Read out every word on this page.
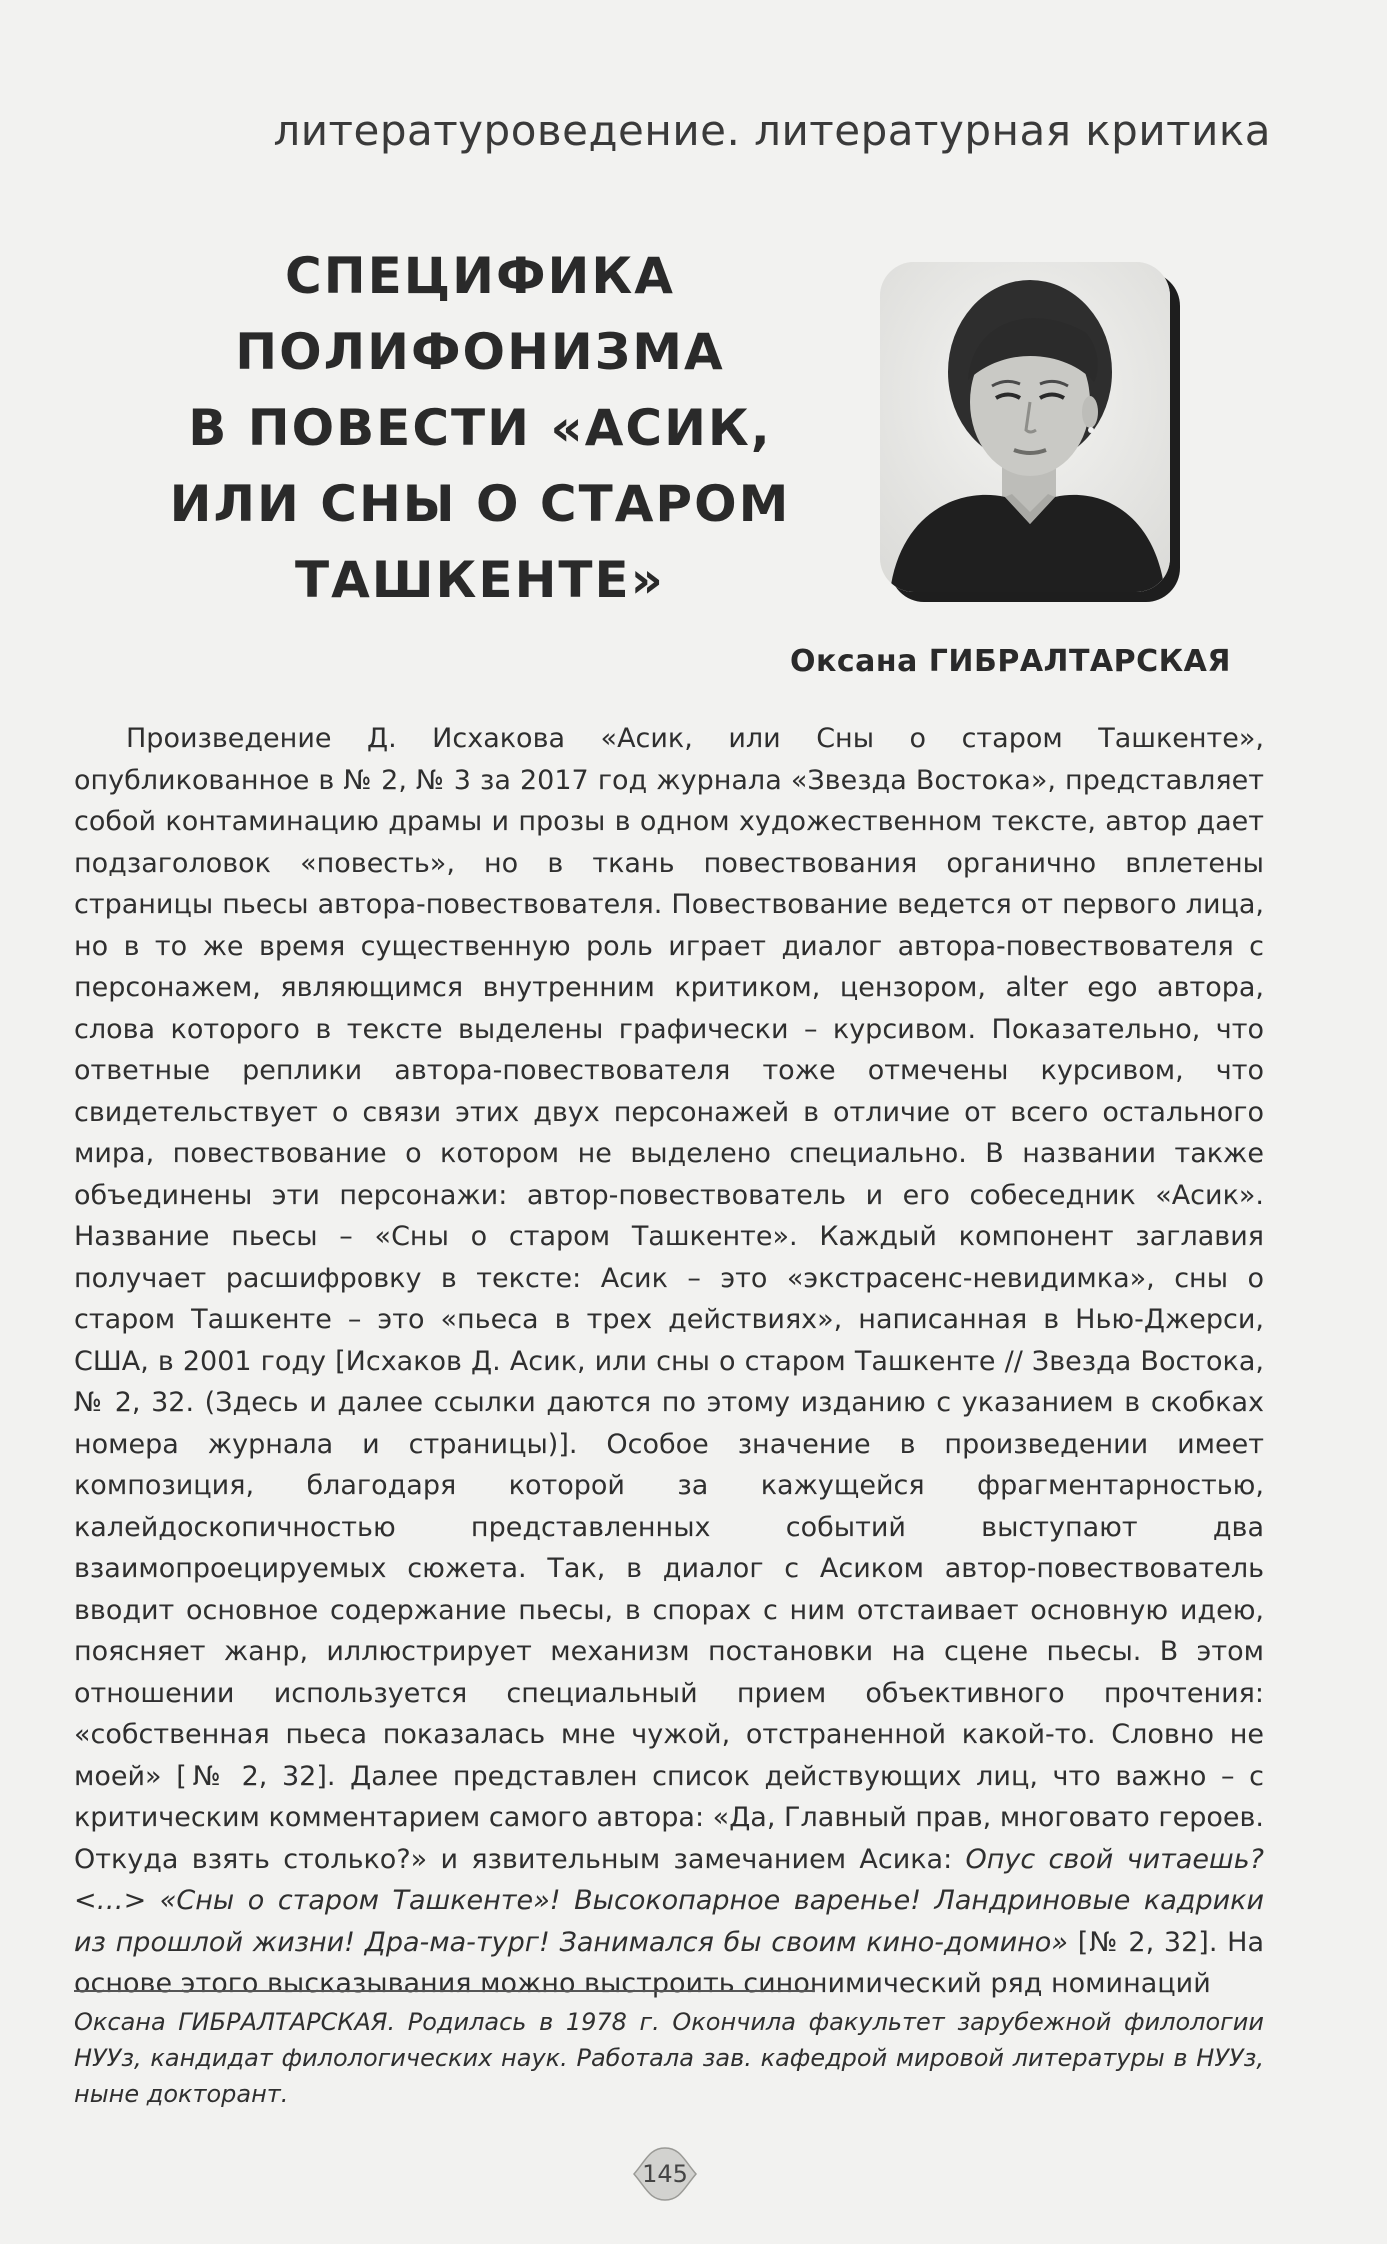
литературоведение. литературная критика
СПЕЦИФИКА
ПОЛИФОНИЗМА
В ПОВЕСТИ «АСИК,
ИЛИ СНЫ О СТАРОМ
ТАШКЕНТЕ»
Оксана ГИБРАЛТАРСКАЯ

Произведение Д. Исхакова «Асик, или Сны о старом Ташкенте», опубликованное в № 2, № 3 за 2017 год журнала «Звезда Востока», представляет собой контаминацию драмы и прозы в одном художественном тексте, автор дает подзаголовок «повесть», но в ткань повествования органично вплетены страницы пьесы автора-повествователя. Повествование ведется от первого лица, но в то же время существенную роль играет диалог автора-повествователя с персонажем, являющимся внутренним критиком, цензором, alter ego автора, слова которого в тексте выделены графически – курсивом. Показательно, что ответные реплики автора-повествователя тоже отмечены курсивом, что свидетельствует о связи этих двух персонажей в отличие от всего остального мира, повествование о котором не выделено специально. В названии также объединены эти персонажи: автор-повествователь и его собеседник «Асик». Название пьесы – «Сны о старом Ташкенте». Каждый компонент заглавия получает расшифровку в тексте: Асик – это «экстрасенс-невидимка», сны о старом Ташкенте – это «пьеса в трех действиях», написанная в Нью-Джерси, США, в 2001 году [Исхаков Д. Асик, или сны о старом Ташкенте // Звезда Востока, № 2, 32. (Здесь и далее ссылки даются по этому изданию с указанием в скобках номера журнала и страницы)]. Особое значение в произведении имеет композиция, благодаря которой за кажущейся фрагментарностью, калейдоскопичностью представленных событий выступают два взаимопроецируемых сюжета. Так, в диалог с Асиком автор-повествователь вводит основное содержание пьесы, в спорах с ним отстаивает основную идею, поясняет жанр, иллюстрирует механизм постановки на сцене пьесы. В этом отношении используется специальный прием объективного прочтения: «собственная пьеса показалась мне чужой, отстраненной какой-то. Словно не моей» [№ 2, 32]. Далее представлен список действующих лиц, что важно – с критическим комментарием самого автора: «Да, Главный прав, многовато героев. Откуда взять столько?» и язвительным замечанием Асика: Опус свой читаешь? <…> «Сны о старом Ташкенте»! Высокопарное варенье! Ландриновые кадрики из прошлой жизни! Дра-ма-тург! Занимался бы своим кино-домино» [№ 2, 32]. На основе этого высказывания можно выстроить синонимический ряд номинаций

Оксана ГИБРАЛТАРСКАЯ. Родилась в 1978 г. Окончила факультет зарубежной филологии НУУз, кандидат филологических наук. Работала зав. кафедрой мировой литературы в НУУз, ныне докторант.

145
